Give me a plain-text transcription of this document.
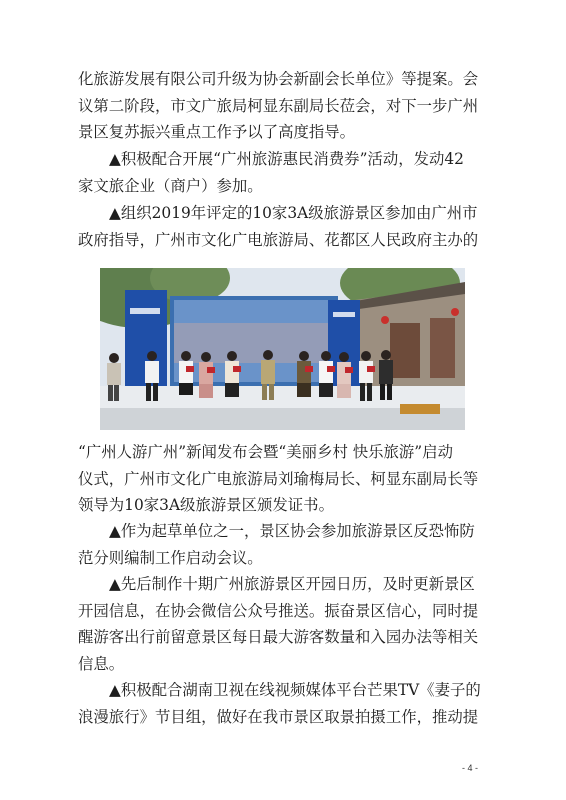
化旅游发展有限公司升级为协会新副会长单位》等提案。会
议第二阶段，市文广旅局柯显东副局长莅会，对下一步广州
景区复苏振兴重点工作予以了高度指导。

▲积极配合开展“广州旅游惠民消费券”活动，发动42
家文旅企业（商户）参加。

▲组织2019年评定的10家3A级旅游景区参加由广州市
政府指导，广州市文化广电旅游局、花都区人民政府主办的

“广州人游广州”新闻发布会暨“美丽乡村 快乐旅游”启动
仪式，广州市文化广电旅游局刘瑜梅局长、柯显东副局长等
领导为10家3A级旅游景区颁发证书。

▲作为起草单位之一，景区协会参加旅游景区反恐怖防
范分则编制工作启动会议。

▲先后制作十期广州旅游景区开园日历，及时更新景区
开园信息，在协会微信公众号推送。振奋景区信心，同时提
醒游客出行前留意景区每日最大游客数量和入园办法等相关
信息。

▲积极配合湖南卫视在线视频媒体平台芒果TV《妻子的
浪漫旅行》节目组，做好在我市景区取景拍摄工作，推动提

- 4 -
